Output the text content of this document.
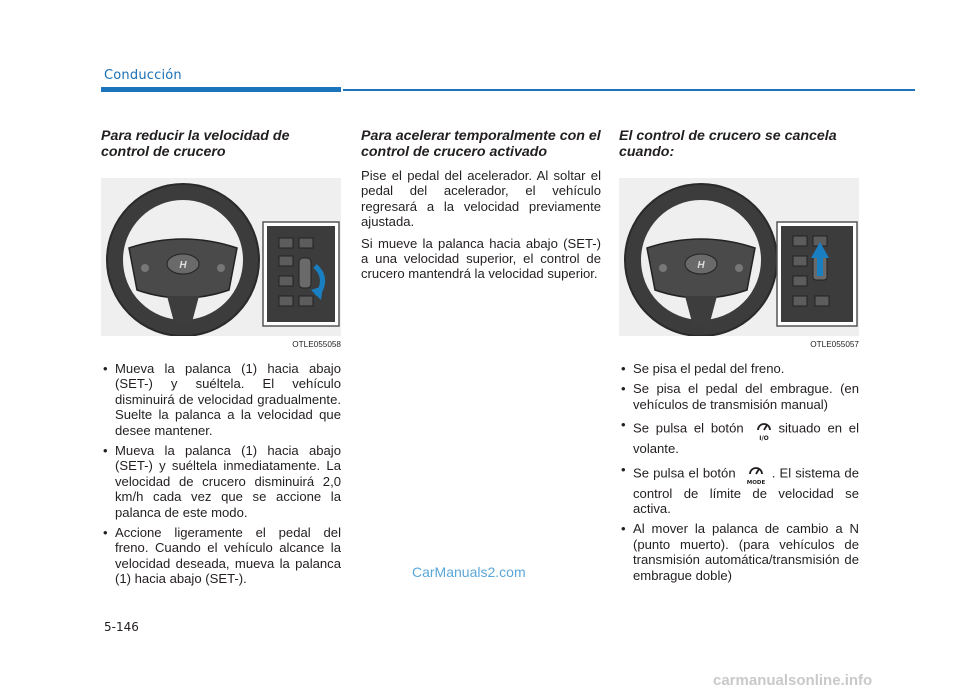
Conducción
Para reducir la velocidad de control de crucero
H
OTLE055058
• Mueva la palanca (1) hacia abajo (SET-) y suéltela. El vehículo disminuirá de velocidad gradualmente. Suelte la palanca a la velocidad que desee mantener.
• Mueva la palanca (1) hacia abajo (SET-) y suéltela inmediatamente. La velocidad de crucero disminuirá 2,0 km/h cada vez que se accione la palanca de este modo.
• Accione ligeramente el pedal del freno. Cuando el vehículo alcance la velocidad deseada, mueva la palanca (1) hacia abajo (SET-).
Para acelerar temporalmente con el control de crucero activado

Pise el pedal del acelerador. Al soltar el pedal del acelerador, el vehículo regresará a la velocidad previamente ajustada.

Si mueve la palanca hacia abajo (SET-) a una velocidad superior, el control de crucero mantendrá la velocidad superior.

El control de crucero se cancela cuando:
H
OTLE055057
• Se pisa el pedal del freno.
• Se pisa el pedal del embrague. (en vehículos de transmisión manual)
• Se pulsa el botón
I/O
situado en el volante.
• Se pulsa el botón
MODE
. El sistema de control de límite de velocidad se activa.
• Al mover la palanca de cambio a N (punto muerto). (para vehículos de transmisión automática/transmisión de embrague doble)
CarManuals2.com
5-146
carmanualsonline.info
